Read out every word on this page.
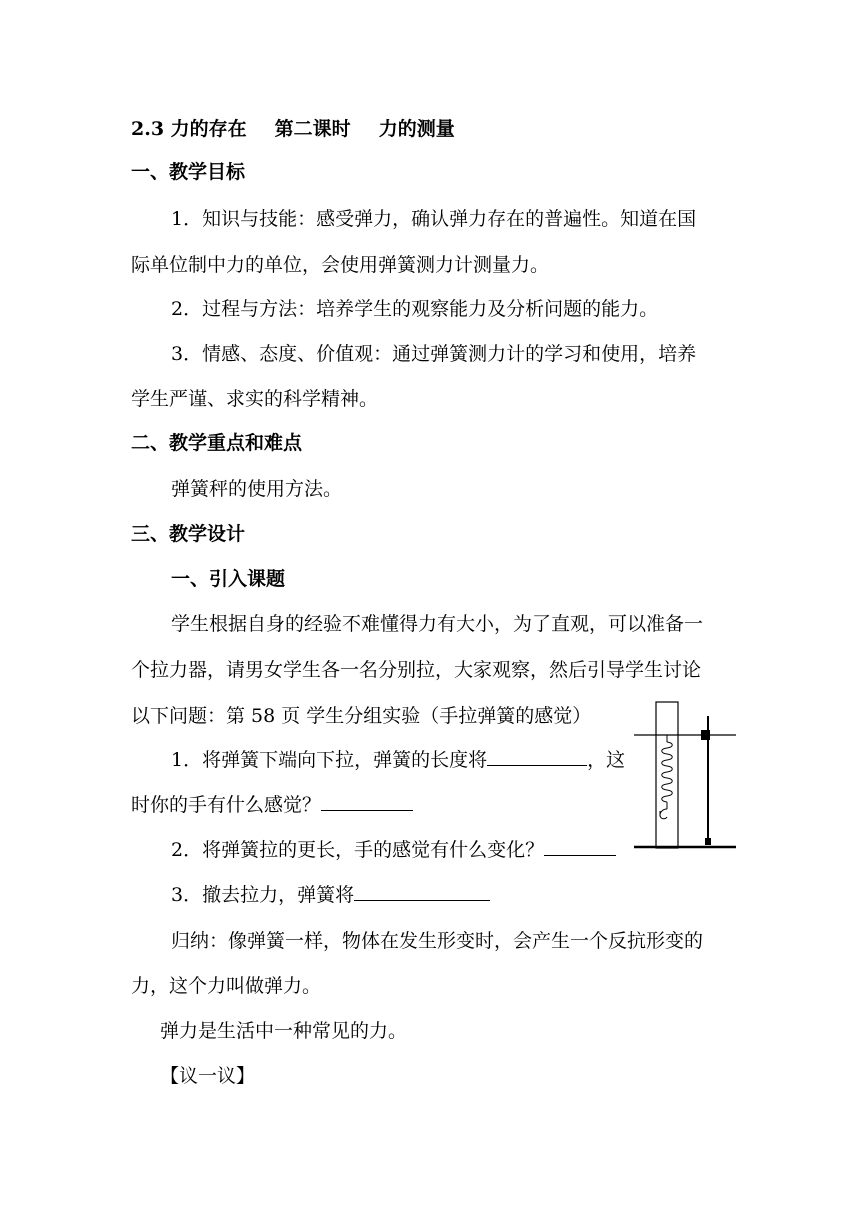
2.3 力的存在 第二课时 力的测量
一、教学目标
1．知识与技能：感受弹力，确认弹力存在的普遍性。知道在国
际单位制中力的单位，会使用弹簧测力计测量力。
2．过程与方法：培养学生的观察能力及分析问题的能力。
3．情感、态度、价值观：通过弹簧测力计的学习和使用，培养
学生严谨、求实的科学精神。
二、教学重点和难点
弹簧秤的使用方法。
三、教学设计
一、引入课题
学生根据自身的经验不难懂得力有大小，为了直观，可以准备一
个拉力器，请男女学生各一名分别拉，大家观察，然后引导学生讨论
以下问题：第 58 页 学生分组实验（手拉弹簧的感觉）
1．将弹簧下端向下拉，弹簧的长度将	，这
时你的手有什么感觉？
2．将弹簧拉的更长，手的感觉有什么变化？
3．撤去拉力，弹簧将
归纳：像弹簧一样，物体在发生形变时，会产生一个反抗形变的
力，这个力叫做弹力。
弹力是生活中一种常见的力。
【议一议】
